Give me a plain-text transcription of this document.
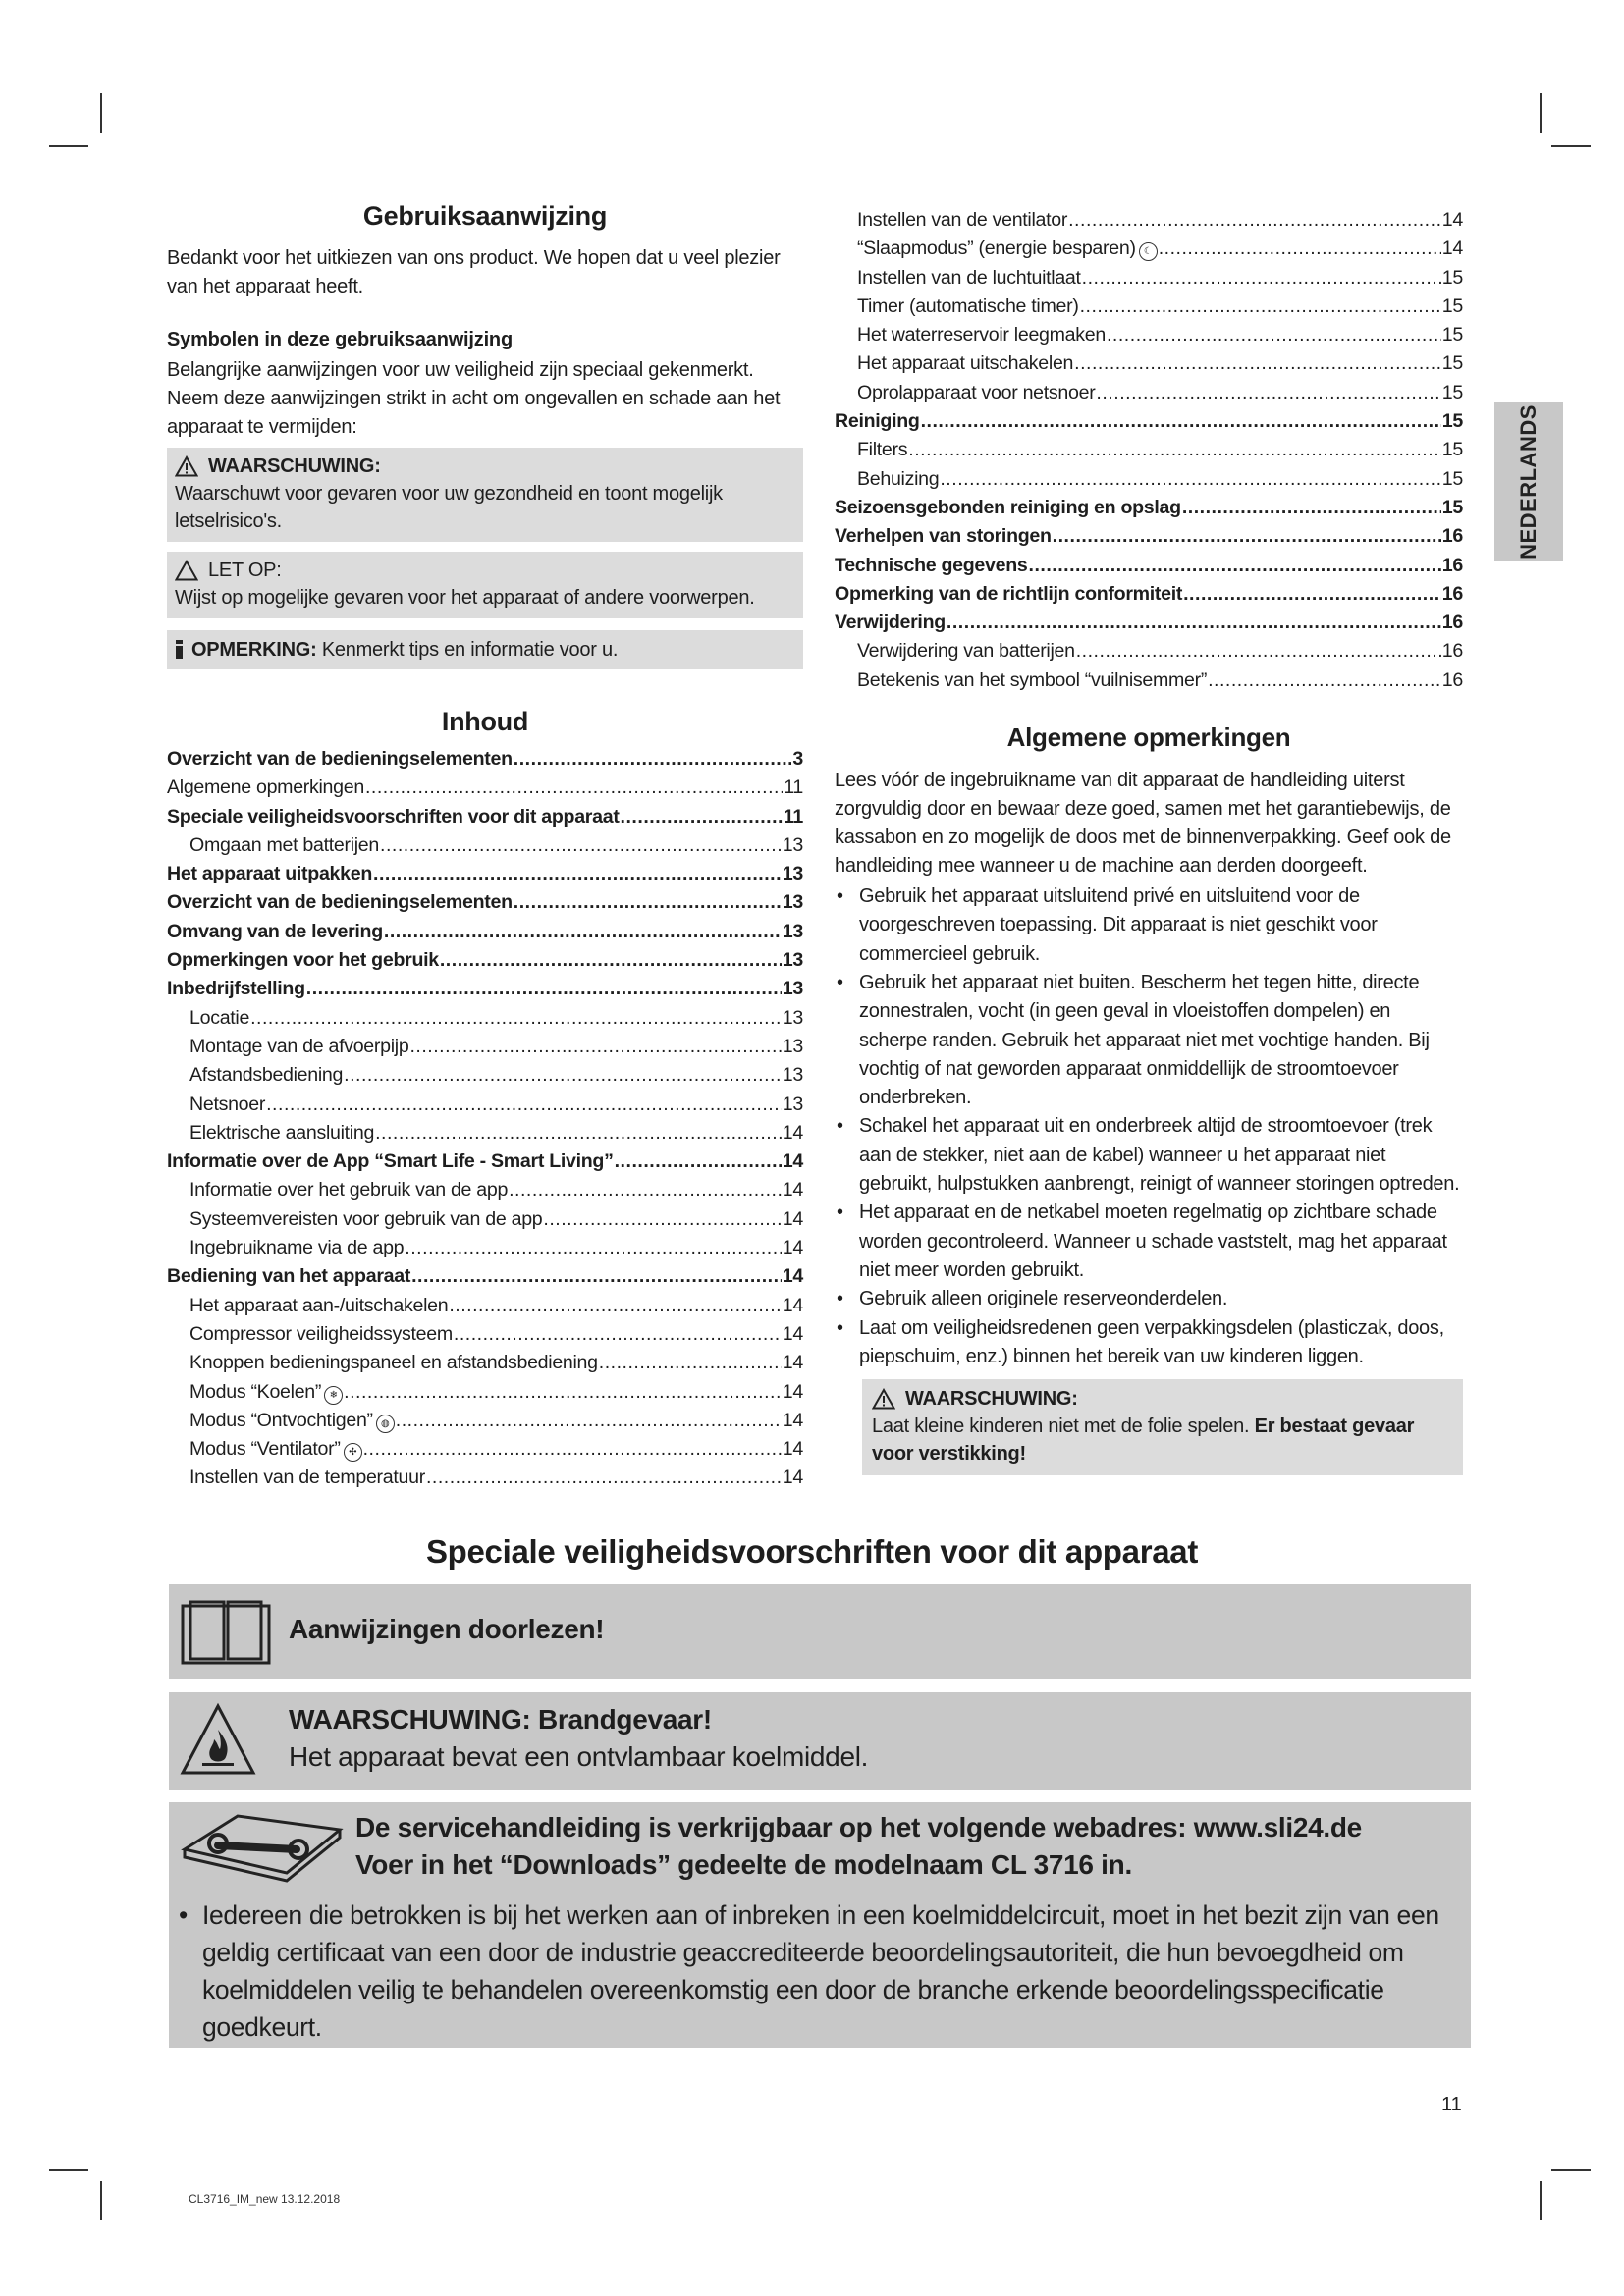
Gebruiksaanwijzing

Bedankt voor het uitkiezen van ons product. We hopen dat u veel plezier van het apparaat heeft.

Symbolen in deze gebruiksaanwijzing

Belangrijke aanwijzingen voor uw veiligheid zijn speciaal gekenmerkt. Neem deze aanwijzingen strikt in acht om ongevallen en schade aan het apparaat te vermijden:

WAARSCHUWING:
Waarschuwt voor gevaren voor uw gezondheid en toont mogelijk letselrisico's.
LET OP:
Wijst op mogelijke gevaren voor het apparaat of andere voorwerpen.
OPMERKING: Kenmerkt tips en informatie voor u.
Inhoud
Overzicht van de bedieningselementen .....	3
Algemene opmerkingen .....	11
Speciale veiligheidsvoorschriften voor dit apparaat .....	11
Omgaan met batterijen .....	13
Het apparaat uitpakken .....	13
Overzicht van de bedieningselementen .....	13
Omvang van de levering .....	13
Opmerkingen voor het gebruik .....	13
Inbedrijfstelling .....	13
Locatie .....	13
Montage van de afvoerpijp .....	13
Afstandsbediening .....	13
Netsnoer .....	13
Elektrische aansluiting .....	14
Informatie over de App “Smart Life - Smart Living” .....	14
Informatie over het gebruik van de app .....	14
Systeemvereisten voor gebruik van de app .....	14
Ingebruikname via de app .....	14
Bediening van het apparaat .....	14
Het apparaat aan-/uitschakelen .....	14
Compressor veiligheidssysteem .....	14
Knoppen bedieningspaneel en afstandsbediening .....	14
Modus “Koelen” ❄ .....	14
Modus “Ontvochtigen” ◍ .....	14
Modus “Ventilator” ✣ .....	14
Instellen van de temperatuur .....	14
Instellen van de ventilator .....	14
“Slaapmodus” (energie besparen) ☾ .....	14
Instellen van de luchtuitlaat .....	15
Timer (automatische timer) .....	15
Het waterreservoir leegmaken .....	15
Het apparaat uitschakelen .....	15
Oprolapparaat voor netsnoer .....	15
Reiniging .....	15
Filters .....	15
Behuizing .....	15
Seizoensgebonden reiniging en opslag .....	15
Verhelpen van storingen .....	16
Technische gegevens .....	16
Opmerking van de richtlijn conformiteit .....	16
Verwijdering .....	16
Verwijdering van batterijen .....	16
Betekenis van het symbool “vuilnisemmer” .....	16
Algemene opmerkingen

Lees vóór de ingebruikname van dit apparaat de handleiding uiterst zorgvuldig door en bewaar deze goed, samen met het garantiebewijs, de kassabon en zo mogelijk de doos met de binnenverpakking. Geef ook de handleiding mee wanneer u de machine aan derden doorgeeft.

• Gebruik het apparaat uitsluitend privé en uitsluitend voor de voorgeschreven toepassing. Dit apparaat is niet geschikt voor commercieel gebruik.
• Gebruik het apparaat niet buiten. Bescherm het tegen hitte, directe zonnestralen, vocht (in geen geval in vloeistoffen dompelen) en scherpe randen. Gebruik het apparaat niet met vochtige handen. Bij vochtig of nat geworden apparaat onmiddellijk de stroomtoevoer onderbreken.
• Schakel het apparaat uit en onderbreek altijd de stroomtoevoer (trek aan de stekker, niet aan de kabel) wanneer u het apparaat niet gebruikt, hulpstukken aanbrengt, reinigt of wanneer storingen optreden.
• Het apparaat en de netkabel moeten regelmatig op zichtbare schade worden gecontroleerd. Wanneer u schade vaststelt, mag het apparaat niet meer worden gebruikt.
• Gebruik alleen originele reserveonderdelen.
• Laat om veiligheidsredenen geen verpakkingsdelen (plasticzak, doos, piepschuim, enz.) binnen het bereik van uw kinderen liggen.
WAARSCHUWING:
Laat kleine kinderen niet met de folie spelen. Er bestaat gevaar voor verstikking!
NEDERLANDS
Speciale veiligheidsvoorschriften voor dit apparaat
Aanwijzingen doorlezen!
WAARSCHUWING: Brandgevaar!
Het apparaat bevat een ontvlambaar koelmiddel.
De servicehandleiding is verkrijgbaar op het volgende webadres: www.sli24.de
Voer in het “Downloads” gedeelte de modelnaam CL 3716 in.
• Iedereen die betrokken is bij het werken aan of inbreken in een koelmiddelcircuit, moet in het bezit zijn van een geldig certificaat van een door de industrie geaccrediteerde beoordelingsautoriteit, die hun bevoegdheid om koelmiddelen veilig te behandelen overeenkomstig een door de branche erkende beoordelingsspecificatie goedkeurt.
11
CL3716_IM_new 13.12.2018
